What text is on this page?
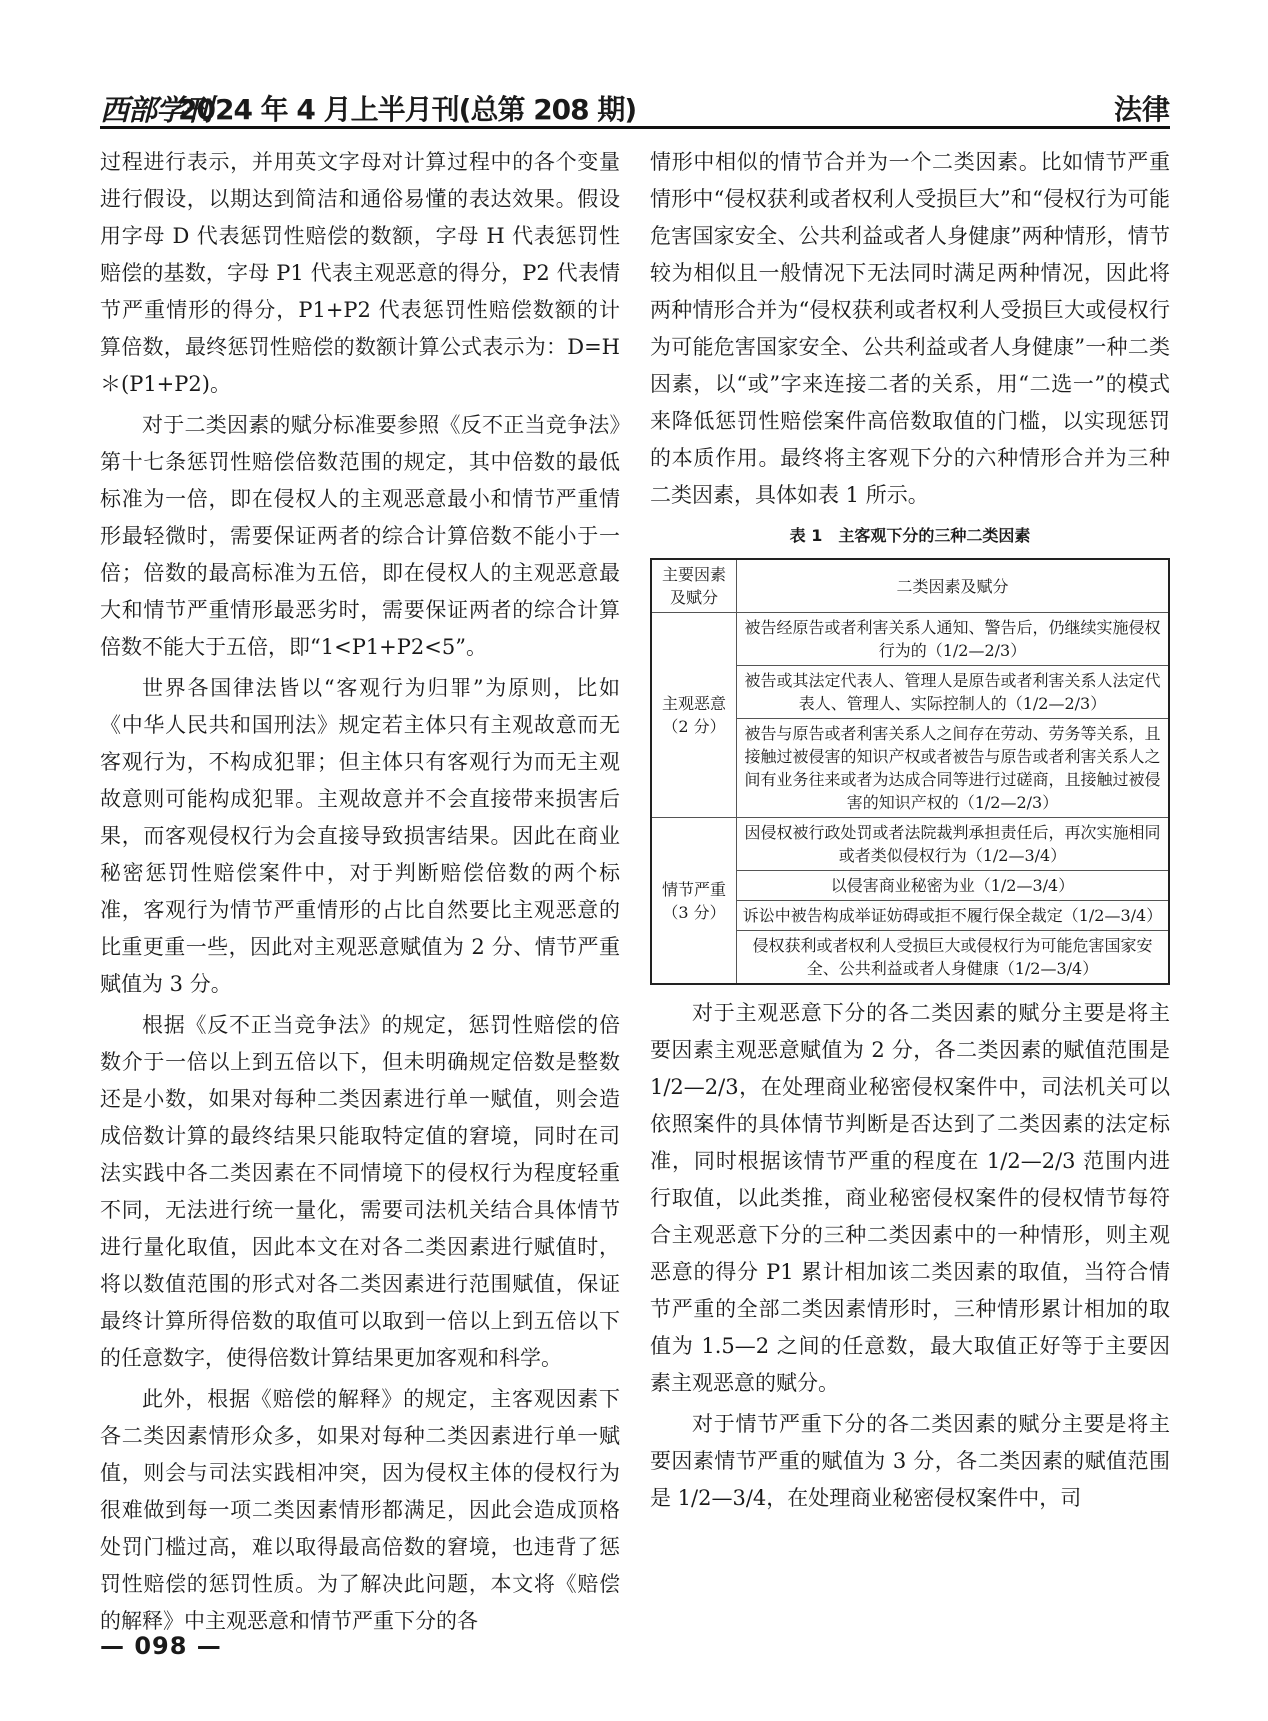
西部学刊
2024 年 4 月上半月刊(总第 208 期)	法律

过程进行表示，并用英文字母对计算过程中的各个变量进行假设，以期达到简洁和通俗易懂的表达效果。假设用字母 D 代表惩罚性赔偿的数额，字母 H 代表惩罚性赔偿的基数，字母 P1 代表主观恶意的得分，P2 代表情节严重情形的得分，P1+P2 代表惩罚性赔偿数额的计算倍数，最终惩罚性赔偿的数额计算公式表示为：D=H＊(P1+P2)。

对于二类因素的赋分标准要参照《反不正当竞争法》第十七条惩罚性赔偿倍数范围的规定，其中倍数的最低标准为一倍，即在侵权人的主观恶意最小和情节严重情形最轻微时，需要保证两者的综合计算倍数不能小于一倍；倍数的最高标准为五倍，即在侵权人的主观恶意最大和情节严重情形最恶劣时，需要保证两者的综合计算倍数不能大于五倍，即“1<P1+P2<5”。

世界各国律法皆以“客观行为归罪”为原则，比如《中华人民共和国刑法》规定若主体只有主观故意而无客观行为，不构成犯罪；但主体只有客观行为而无主观故意则可能构成犯罪。主观故意并不会直接带来损害后果，而客观侵权行为会直接导致损害结果。因此在商业秘密惩罚性赔偿案件中，对于判断赔偿倍数的两个标准，客观行为情节严重情形的占比自然要比主观恶意的比重更重一些，因此对主观恶意赋值为 2 分、情节严重赋值为 3 分。

根据《反不正当竞争法》的规定，惩罚性赔偿的倍数介于一倍以上到五倍以下，但未明确规定倍数是整数还是小数，如果对每种二类因素进行单一赋值，则会造成倍数计算的最终结果只能取特定值的窘境，同时在司法实践中各二类因素在不同情境下的侵权行为程度轻重不同，无法进行统一量化，需要司法机关结合具体情节进行量化取值，因此本文在对各二类因素进行赋值时，将以数值范围的形式对各二类因素进行范围赋值，保证最终计算所得倍数的取值可以取到一倍以上到五倍以下的任意数字，使得倍数计算结果更加客观和科学。

此外，根据《赔偿的解释》的规定，主客观因素下各二类因素情形众多，如果对每种二类因素进行单一赋值，则会与司法实践相冲突，因为侵权主体的侵权行为很难做到每一项二类因素情形都满足，因此会造成顶格处罚门槛过高，难以取得最高倍数的窘境，也违背了惩罚性赔偿的惩罚性质。为了解决此问题，本文将《赔偿的解释》中主观恶意和情节严重下分的各

情形中相似的情节合并为一个二类因素。比如情节严重情形中“侵权获利或者权利人受损巨大”和“侵权行为可能危害国家安全、公共利益或者人身健康”两种情形，情节较为相似且一般情况下无法同时满足两种情况，因此将两种情形合并为“侵权获利或者权利人受损巨大或侵权行为可能危害国家安全、公共利益或者人身健康”一种二类因素，以“或”字来连接二者的关系，用“二选一”的模式来降低惩罚性赔偿案件高倍数取值的门槛，以实现惩罚的本质作用。最终将主客观下分的六种情形合并为三种二类因素，具体如表 1 所示。

表 1　主客观下分的三种二类因素
主要因素及赋分	二类因素及赋分
主观恶意（2 分）	被告经原告或者利害关系人通知、警告后，仍继续实施侵权行为的（1/2—2/3）
	被告或其法定代表人、管理人是原告或者利害关系人法定代表人、管理人、实际控制人的（1/2—2/3）
	被告与原告或者利害关系人之间存在劳动、劳务等关系，且接触过被侵害的知识产权或者被告与原告或者利害关系人之间有业务往来或者为达成合同等进行过磋商，且接触过被侵害的知识产权的（1/2—2/3）
情节严重（3 分）	因侵权被行政处罚或者法院裁判承担责任后，再次实施相同或者类似侵权行为（1/2—3/4）
	以侵害商业秘密为业（1/2—3/4）
	诉讼中被告构成举证妨碍或拒不履行保全裁定（1/2—3/4）
	侵权获利或者权利人受损巨大或侵权行为可能危害国家安全、公共利益或者人身健康（1/2—3/4）

对于主观恶意下分的各二类因素的赋分主要是将主要因素主观恶意赋值为 2 分，各二类因素的赋值范围是 1/2—2/3，在处理商业秘密侵权案件中，司法机关可以依照案件的具体情节判断是否达到了二类因素的法定标准，同时根据该情节严重的程度在 1/2—2/3 范围内进行取值，以此类推，商业秘密侵权案件的侵权情节每符合主观恶意下分的三种二类因素中的一种情形，则主观恶意的得分 P1 累计相加该二类因素的取值，当符合情节严重的全部二类因素情形时，三种情形累计相加的取值为 1.5—2 之间的任意数，最大取值正好等于主要因素主观恶意的赋分。

对于情节严重下分的各二类因素的赋分主要是将主要因素情节严重的赋值为 3 分，各二类因素的赋值范围是 1/2—3/4，在处理商业秘密侵权案件中，司

— 098 —
